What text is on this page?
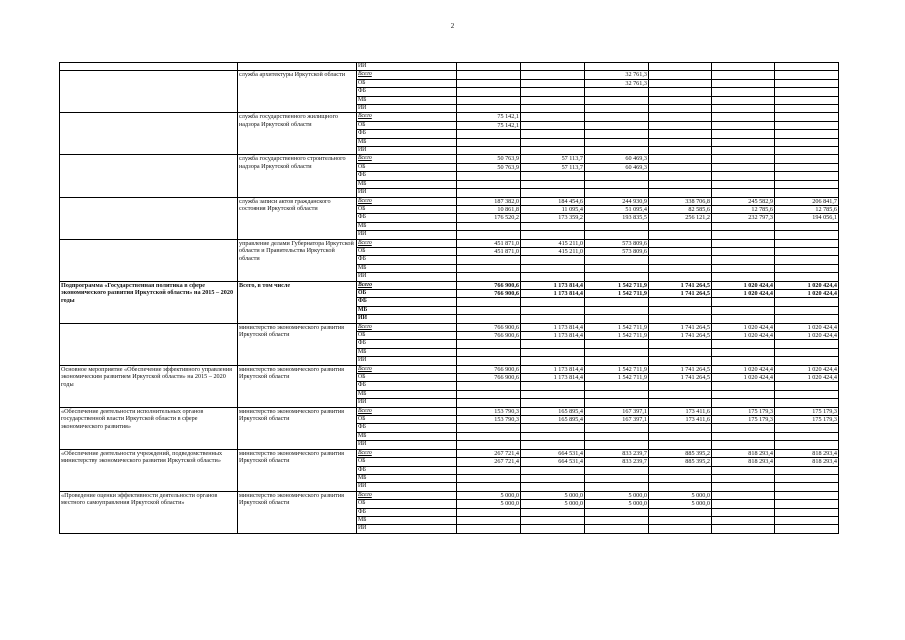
2
		ИИ						
	служба архитектуры Иркутской области	Всего			32 761,3			
		ОБ			32 761,3			
		ФБ						
		МБ						
		ИИ						
	служба государственного жилищного надзора Иркутской области	Всего	75 142,1					
		ОБ	75 142,1					
		ФБ						
		МБ						
		ИИ						
	служба государственного строительного надзора Иркутской области	Всего	50 763,9	57 113,7	60 469,3			
		ОБ	50 763,9	57 113,7	60 469,3			
		ФБ						
		МБ						
		ИИ						
	служба записи актов гражданского состояния Иркутской области	Всего	187 382,0	184 454,6	244 930,9	338 706,8	245 582,9	206 841,7
		ОБ	10 861,8	11 095,4	51 095,4	82 585,6	12 785,6	12 785,6
		ФБ	176 520,2	173 359,2	193 835,5	256 121,2	232 797,3	194 056,1
		МБ						
		ИИ						
	управление делами Губернатора Иркутской области и Правительства Иркутской области	Всего	451 871,0	415 211,0	573 809,6			
		ОБ	451 871,0	415 211,0	573 809,6			
		ФБ						
		МБ						
		ИИ						
Подпрограмма «Государственная политика в сфере экономического развития Иркутской области» на 2015 – 2020 годы	Всего, в том числе	Всего	766 900,6	1 173 814,4	1 542 711,9	1 741 264,5	1 020 424,4	1 020 424,4
		ОБ	766 900,6	1 173 814,4	1 542 711,9	1 741 264,5	1 020 424,4	1 020 424,4
		ФБ						
		МБ						
		ИИ						
	министерство экономического развития Иркутской области	Всего	766 900,6	1 173 814,4	1 542 711,9	1 741 264,5	1 020 424,4	1 020 424,4
		ОБ	766 900,6	1 173 814,4	1 542 711,9	1 741 264,5	1 020 424,4	1 020 424,4
		ФБ						
		МБ						
		ИИ						
Основное мероприятие «Обеспечение эффективного управления экономическим развитием Иркутской области» на 2015 – 2020 годы	министерство экономического развития Иркутской области	Всего	766 900,6	1 173 814,4	1 542 711,9	1 741 264,5	1 020 424,4	1 020 424,4
		ОБ	766 900,6	1 173 814,4	1 542 711,9	1 741 264,5	1 020 424,4	1 020 424,4
		ФБ						
		МБ						
		ИИ						
«Обеспечение деятельности исполнительных органов государственной власти Иркутской области в сфере экономического развития»	министерство экономического развития Иркутской области	Всего	153 790,3	165 895,4	167 397,1	173 411,6	175 179,3	175 179,3
		ОБ	153 790,3	165 895,4	167 397,1	173 411,6	175 179,3	175 179,3
		ФБ						
		МБ						
		ИИ						
«Обеспечение деятельности учреждений, подведомственных министерству экономического развития Иркутской области»	министерство экономического развития Иркутской области	Всего	267 721,4	664 531,4	833 239,7	885 395,2	818 293,4	818 293,4
		ОБ	267 721,4	664 531,4	833 239,7	885 395,2	818 293,4	818 293,4
		ФБ						
		МБ						
		ИИ						
«Проведение оценки эффективности деятельности органов местного самоуправления Иркутской области»	министерство экономического развития Иркутской области	Всего	5 000,0	5 000,0	5 000,0	5 000,0		
		ОБ	5 000,0	5 000,0	5 000,0	5 000,0		
		ФБ						
		МБ						
		ИИ						
